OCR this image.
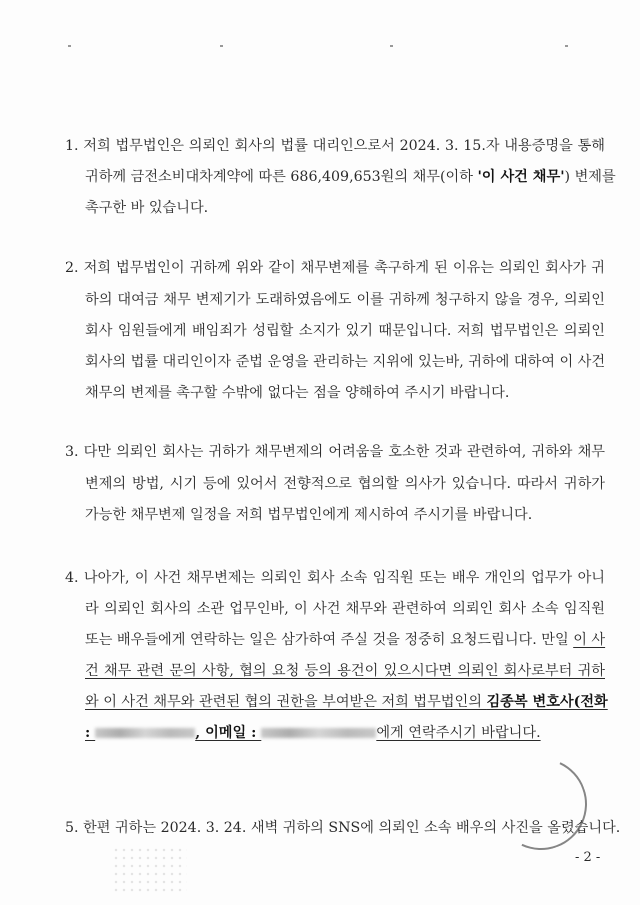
1. 저희 법무법인은 의뢰인 회사의 법률 대리인으로서 2024. 3. 15.자 내용증명을 통해
귀하께 금전소비대차계약에 따른 686,409,653원의 채무(이하 '이 사건 채무') 변제를
촉구한 바 있습니다.
2. 저희 법무법인이 귀하께 위와 같이 채무변제를 촉구하게 된 이유는 의뢰인 회사가 귀
하의 대여금 채무 변제기가 도래하였음에도 이를 귀하께 청구하지 않을 경우, 의뢰인
회사 임원들에게 배임죄가 성립할 소지가 있기 때문입니다. 저희 법무법인은 의뢰인
회사의 법률 대리인이자 준법 운영을 관리하는 지위에 있는바, 귀하에 대하여 이 사건
채무의 변제를 촉구할 수밖에 없다는 점을 양해하여 주시기 바랍니다.
3. 다만 의뢰인 회사는 귀하가 채무변제의 어려움을 호소한 것과 관련하여, 귀하와 채무
변제의 방법, 시기 등에 있어서 전향적으로 협의할 의사가 있습니다. 따라서 귀하가
가능한 채무변제 일정을 저희 법무법인에게 제시하여 주시기를 바랍니다.
4. 나아가, 이 사건 채무변제는 의뢰인 회사 소속 임직원 또는 배우 개인의 업무가 아니
라 의뢰인 회사의 소관 업무인바, 이 사건 채무와 관련하여 의뢰인 회사 소속 임직원
또는 배우들에게 연락하는 일은 삼가하여 주실 것을 정중히 요청드립니다. 만일 이 사
건 채무 관련 문의 사항, 협의 요청 등의 용건이 있으시다면 의뢰인 회사로부터 귀하
와 이 사건 채무와 관련된 협의 권한을 부여받은 저희 법무법인의 김종복 변호사(전화
:	, 이메일 :	에게 연락주시기 바랍니다.
5. 한편 귀하는 2024. 3. 24. 새벽 귀하의 SNS에 의뢰인 소속 배우의 사진을 올렸습니다.
- 2 -
